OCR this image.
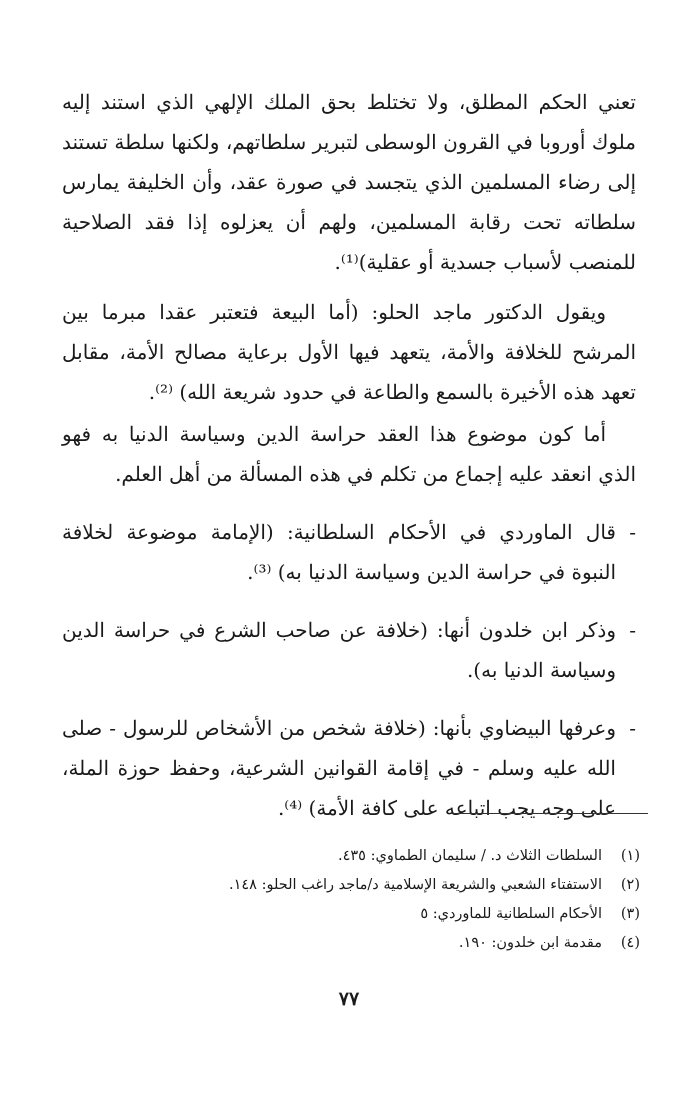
تعني الحكم المطلق، ولا تختلط بحق الملك الإلهي الذي استند إليه ملوك أوروبا في القرون الوسطى لتبرير سلطاتهم، ولكنها سلطة تستند إلى رضاء المسلمين الذي يتجسد في صورة عقد، وأن الخليفة يمارس سلطاته تحت رقابة المسلمين، ولهم أن يعزلوه إذا فقد الصلاحية للمنصب لأسباب جسدية أو عقلية)⁽¹⁾.

ويقول الدكتور ماجد الحلو: (أما البيعة فتعتبر عقدا مبرما بين المرشح للخلافة والأمة، يتعهد فيها الأول برعاية مصالح الأمة، مقابل تعهد هذه الأخيرة بالسمع والطاعة في حدود شريعة الله) ⁽²⁾.

أما كون موضوع هذا العقد حراسة الدين وسياسة الدنيا به فهو الذي انعقد عليه إجماع من تكلم في هذه المسألة من أهل العلم.

-
قال الماوردي في الأحكام السلطانية: (الإمامة موضوعة لخلافة النبوة في حراسة الدين وسياسة الدنيا به) ⁽³⁾.
-
وذكر ابن خلدون أنها: (خلافة عن صاحب الشرع في حراسة الدين وسياسة الدنيا به).
-
وعرفها البيضاوي بأنها: (خلافة شخص من الأشخاص للرسول - صلى الله عليه وسلم - في إقامة القوانين الشرعية، وحفظ حوزة الملة، على وجه يجب اتباعه على كافة الأمة) ⁽⁴⁾.
(١)
السلطات الثلاث د. / سليمان الطماوي: ٤٣٥.
(٢)
الاستفتاء الشعبي والشريعة الإسلامية د/ماجد راغب الحلو: ١٤٨.
(٣)
الأحكام السلطانية للماوردي: ٥
(٤)
مقدمة ابن خلدون: ١٩٠.
٧٧
